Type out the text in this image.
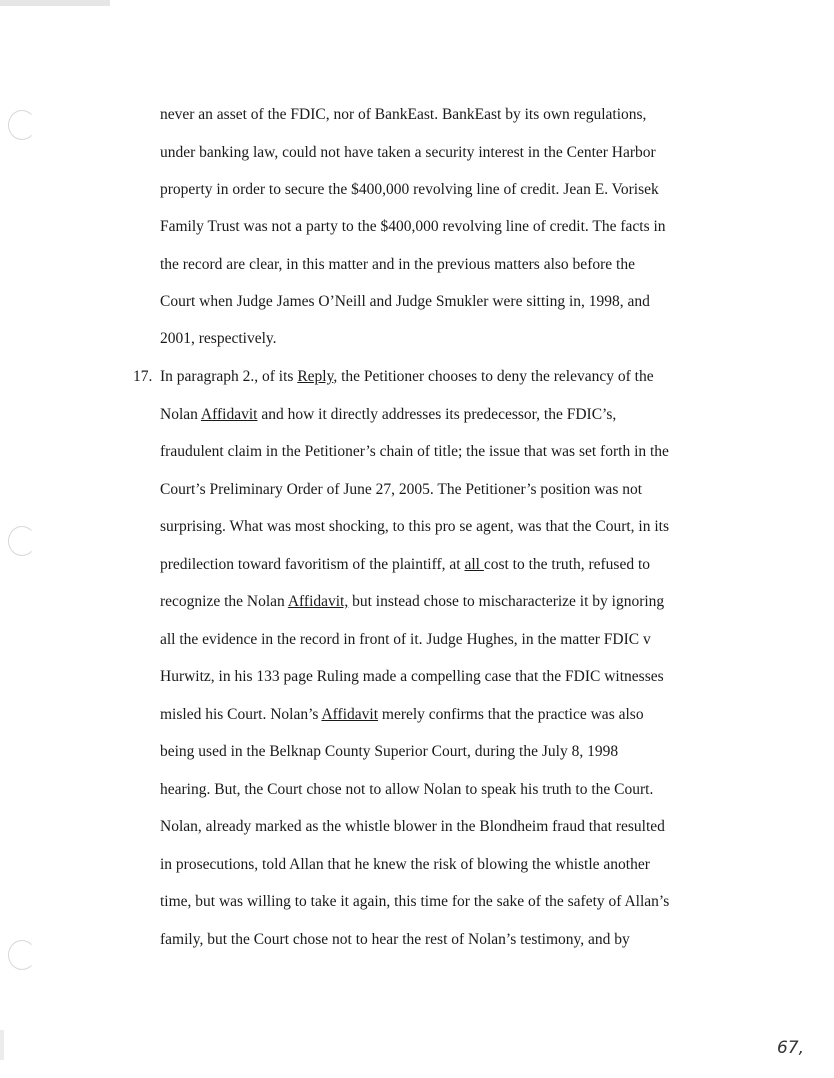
never an asset of the FDIC, nor of BankEast. BankEast by its own regulations,
under banking law, could not have taken a security interest in the Center Harbor
property in order to secure the $400,000 revolving line of credit. Jean E. Vorisek
Family Trust was not a party to the $400,000 revolving line of credit. The facts in
the record are clear, in this matter and in the previous matters also before the
Court when Judge James O’Neill and Judge Smukler were sitting in, 1998, and
2001, respectively.
17. In paragraph 2., of its Reply, the Petitioner chooses to deny the relevancy of the
Nolan Affidavit and how it directly addresses its predecessor, the FDIC’s,
fraudulent claim in the Petitioner’s chain of title; the issue that was set forth in the
Court’s Preliminary Order of June 27, 2005. The Petitioner’s position was not
surprising. What was most shocking, to this pro se agent, was that the Court, in its
predilection toward favoritism of the plaintiff, at all cost to the truth, refused to
recognize the Nolan Affidavit, but instead chose to mischaracterize it by ignoring
all the evidence in the record in front of it. Judge Hughes, in the matter FDIC v
Hurwitz, in his 133 page Ruling made a compelling case that the FDIC witnesses
misled his Court. Nolan’s Affidavit merely confirms that the practice was also
being used in the Belknap County Superior Court, during the July 8, 1998
hearing. But, the Court chose not to allow Nolan to speak his truth to the Court.
Nolan, already marked as the whistle blower in the Blondheim fraud that resulted
in prosecutions, told Allan that he knew the risk of blowing the whistle another
time, but was willing to take it again, this time for the sake of the safety of Allan’s
family, but the Court chose not to hear the rest of Nolan’s testimony, and by
67,
